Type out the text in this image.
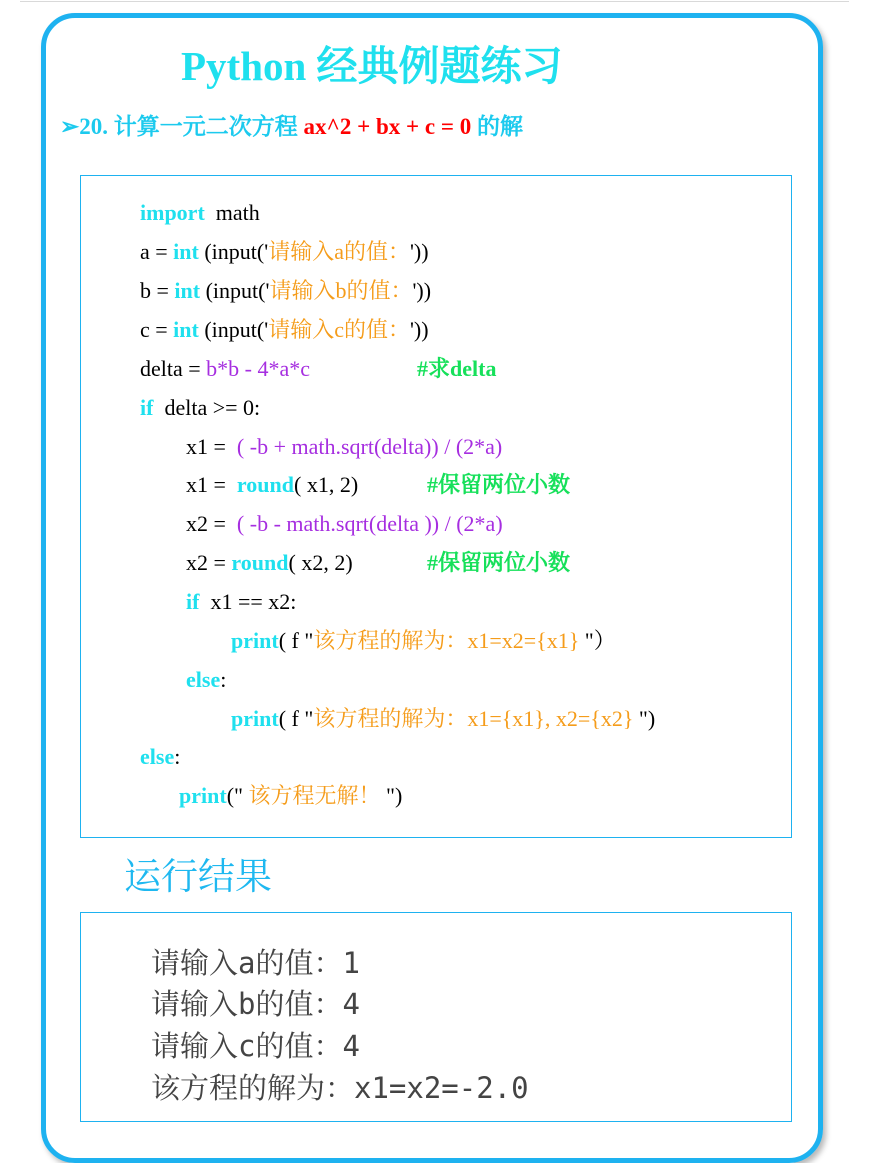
Python 经典例题练习
➢20. 计算一元二次方程 ax^2 + bx + c = 0 的解
import math
a = int (input('请输入a的值：'))
b = int (input('请输入b的值：'))
c = int (input('请输入c的值：'))
delta = b*b - 4*a*c	#求delta
if delta >= 0:
x1 =  ( -b + math.sqrt(delta)) / (2*a)
x1 =  round( x1, 2)	#保留两位小数
x2 =  ( -b - math.sqrt(delta )) / (2*a)
x2 = round( x2, 2)	#保留两位小数
if x1 == x2:
print( f "该方程的解为：x1=x2={x1} "）
else:
print( f "该方程的解为：x1={x1}, x2={x2} ")
else:
print(" 该方程无解！ ")
运行结果
请输入a的值：1
请输入b的值：4
请输入c的值：4
该方程的解为：x1=x2=-2.0
